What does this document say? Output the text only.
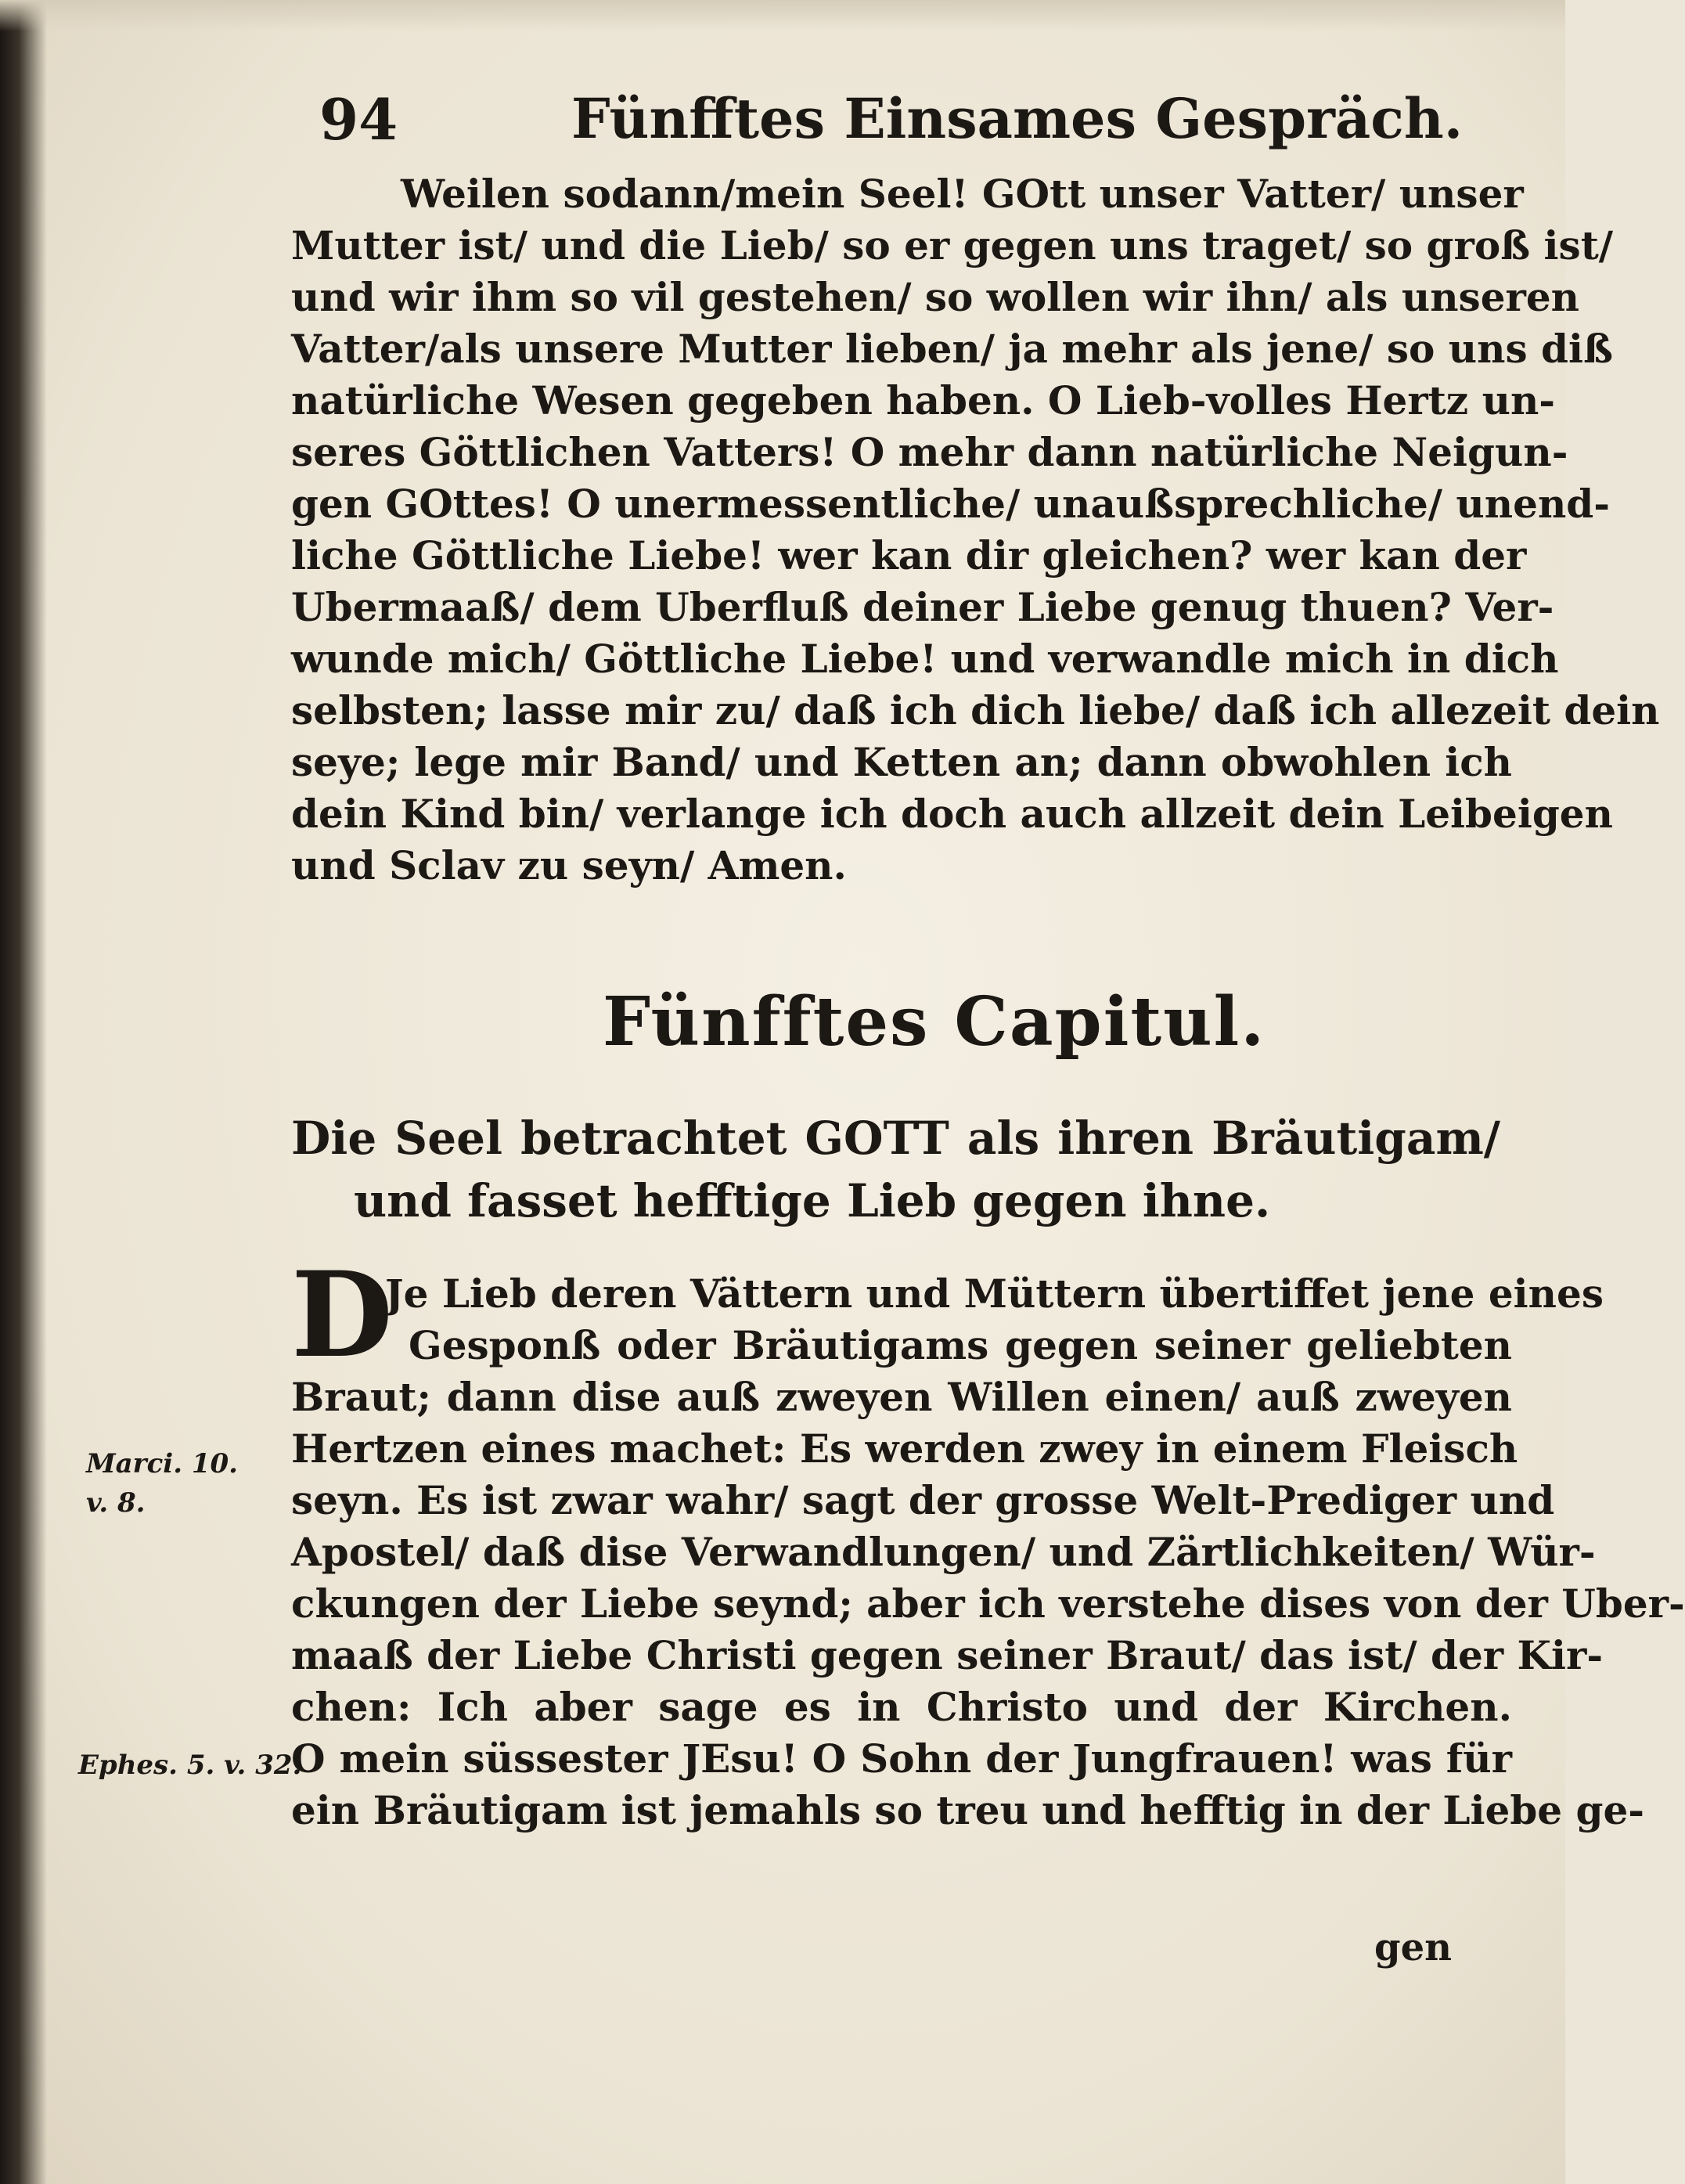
94	Fünfftes Einsames Gespräch.
Weilen sodann/mein Seel! GOtt unser Vatter/ unser
Mutter ist/ und die Lieb/ so er gegen uns traget/ so groß ist/
und wir ihm so vil gestehen/ so wollen wir ihn/ als unseren
Vatter/als unsere Mutter lieben/ ja mehr als jene/ so uns diß
natürliche Wesen gegeben haben. O Lieb-volles Hertz un-
seres Göttlichen Vatters! O mehr dann natürliche Neigun-
gen GOttes! O unermessentliche/ unaußsprechliche/ unend-
liche Göttliche Liebe! wer kan dir gleichen? wer kan der
Ubermaaß/ dem Uberfluß deiner Liebe genug thuen? Ver-
wunde mich/ Göttliche Liebe! und verwandle mich in dich
selbsten; lasse mir zu/ daß ich dich liebe/ daß ich allezeit dein
seye; lege mir Band/ und Ketten an; dann obwohlen ich
dein Kind bin/ verlange ich doch auch allzeit dein Leibeigen
und Sclav zu seyn/ Amen.
Fünfftes Capitul.
Die Seel betrachtet GOTT als ihren Bräutigam/
und fasset hefftige Lieb gegen ihne.
D
Je Lieb deren Vättern und Müttern übertiffet jene eines
Gesponß oder Bräutigams gegen seiner geliebten
Braut; dann dise auß zweyen Willen einen/ auß zweyen
Hertzen eines machet: Es werden zwey in einem Fleisch
seyn. Es ist zwar wahr/ sagt der grosse Welt-Prediger und
Apostel/ daß dise Verwandlungen/ und Zärtlichkeiten/ Wür-
ckungen der Liebe seynd; aber ich verstehe dises von der Uber-
maaß der Liebe Christi gegen seiner Braut/ das ist/ der Kir-
chen: Ich aber sage es in Christo und der Kirchen.
O mein süssester JEsu! O Sohn der Jungfrauen! was für
ein Bräutigam ist jemahls so treu und hefftig in der Liebe ge-
Marci. 10.
v. 8.
Ephes. 5. v. 32.
gen
